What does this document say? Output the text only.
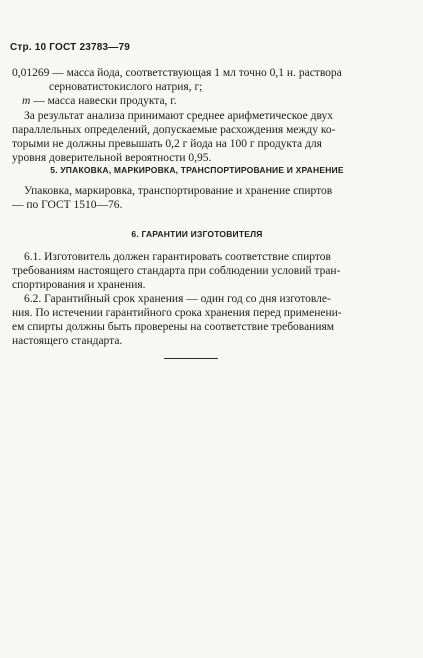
Стр. 10 ГОСТ 23783—79

0,01269 — масса йода, соответствующая 1 мл точно 0,1 н. раствора

серноватистокислого натрия, г;

m — масса навески продукта, г.

За результат анализа принимают среднее арифметическое двух

параллельных определений, допускаемые расхождения между ко-

торыми не должны превышать 0,2 г йода на 100 г продукта для

уровня доверительной вероятности 0,95.

5. УПАКОВКА, МАРКИРОВКА, ТРАНСПОРТИРОВАНИЕ И ХРАНЕНИЕ

Упаковка, маркировка, транспортирование и хранение спиртов

— по ГОСТ 1510—76.

6. ГАРАНТИИ ИЗГОТОВИТЕЛЯ

6.1. Изготовитель должен гарантировать соответствие спиртов

требованиям настоящего стандарта при соблюдении условий тран-

спортирования и хранения.

6.2. Гарантийный срок хранения — один год со дня изготовле-

ния. По истечении гарантийного срока хранения перед применени-

ем спирты должны быть проверены на соответствие требованиям

настоящего стандарта.
